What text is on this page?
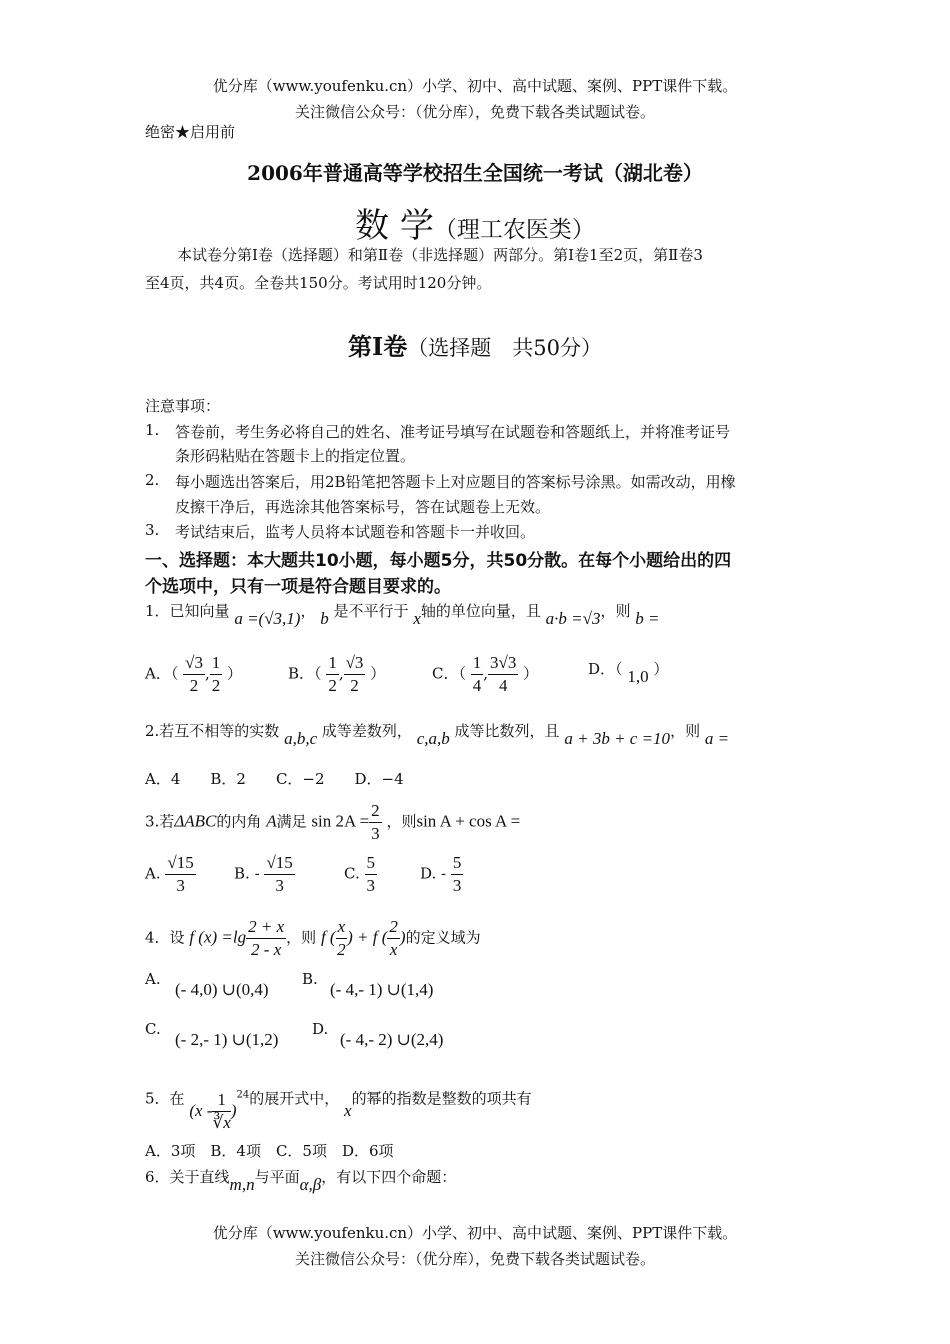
优分库（www.youfenku.cn）小学、初中、高中试题、案例、PPT课件下载。
关注微信公众号：（优分库），免费下载各类试题试卷。
绝密★启用前
2006年普通高等学校招生全国统一考试（湖北卷）
数 学（理工农医类）
本试卷分第Ⅰ卷（选择题）和第Ⅱ卷（非选择题）两部分。第Ⅰ卷1至2页，第Ⅱ卷3
至4页，共4页。全卷共150分。考试用时120分钟。
第Ⅰ卷（选择题　共50分）
注意事项：
1. 答卷前，考生务必将自己的姓名、准考证号填写在试题卷和答题纸上，并将准考证号
条形码粘贴在答题卡上的指定位置。
2. 每小题选出答案后，用2B铅笔把答题卡上对应题目的答案标号涂黑。如需改动，用橡
皮擦干净后，再选涂其他答案标号，答在试题卷上无效。
3. 考试结束后，监考人员将本试题卷和答题卡一并收回。
一、选择题：本大题共10小题，每小题5分，共50分散。在每个小题给出的四
个选项中，只有一项是符合题目要求的。
1．已知向量 a =(√3,1)， b 是不平行于 x轴的单位向量，且 a·b =√3，则 b =
A．（ $\frac{√3}{2}$ , $\frac{1}{2}$ ）	B．（ $\frac{1}{2}$ , $\frac{√3}{2}$ ）	C．（ $\frac{1}{4}$ , $\frac{3√3}{4}$ ）	D．（ 1,0 ）
2.若互不相等的实数 a,b,c 成等差数列， c,a,b 成等比数列，且 a + 3b + c =10，则 a =
A．4　　B．2　　C．−2　　D．−4
3.若ΔABC的内角 A满足 $\sin 2A = \frac{2}{3}$ ，则sin A + cos A =
A. $\frac{√15}{3}$	B. - $\frac{√15}{3}$	C. $\frac{5}{3}$	D. - $\frac{5}{3}$
4．设 f $(x) =\lg \frac{2 + x}{2 - x}$ ，则 f ( $\frac{x}{2}$ ) + f ( $\frac{2}{x}$ )的定义域为
A.
(- 4,0) ∪(0,4)
B.
(- 4,- 1) ∪(1,4)
C.
(- 2,- 1) ∪(1,2)
D.
(- 4,- 2) ∪(2,4)
5．在 $(x - \frac{1}{∛x} )^{24}$的展开式中， x的幂的指数是整数的项共有
A．3项　B．4项　C．5项　D．6项
6．关于直线m,n与平面α,β，有以下四个命题：
优分库（www.youfenku.cn）小学、初中、高中试题、案例、PPT课件下载。
关注微信公众号：（优分库），免费下载各类试题试卷。
